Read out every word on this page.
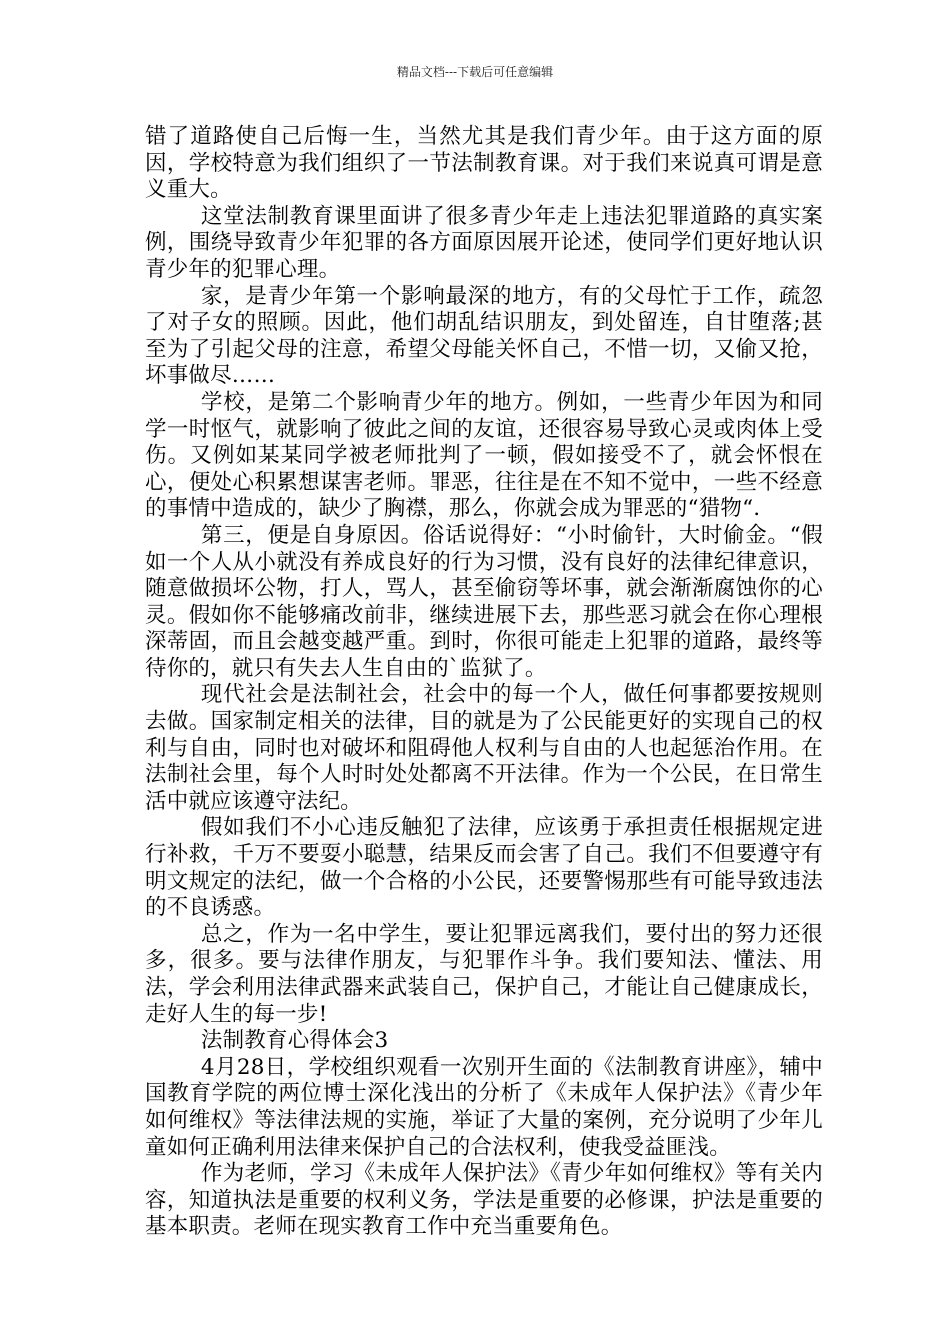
精品文档---下载后可任意编辑

错了道路使自己后悔一生，当然尤其是我们青少年。由于这方面的原因，学校特意为我们组织了一节法制教育课。对于我们来说真可谓是意义重大。

这堂法制教育课里面讲了很多青少年走上违法犯罪道路的真实案例，围绕导致青少年犯罪的各方面原因展开论述，使同学们更好地认识青少年的犯罪心理。

家，是青少年第一个影响最深的地方，有的父母忙于工作，疏忽了对子女的照顾。因此，他们胡乱结识朋友，到处留连，自甘堕落;甚至为了引起父母的注意，希望父母能关怀自己，不惜一切，又偷又抢，坏事做尽……

学校，是第二个影响青少年的地方。例如，一些青少年因为和同学一时怄气，就影响了彼此之间的友谊，还很容易导致心灵或肉体上受伤。又例如某某同学被老师批判了一顿，假如接受不了，就会怀恨在心，便处心积累想谋害老师。罪恶，往往是在不知不觉中，一些不经意的事情中造成的，缺少了胸襟，那么，你就会成为罪恶的“猎物“.

第三，便是自身原因。俗话说得好：“小时偷针，大时偷金。“假如一个人从小就没有养成良好的行为习惯，没有良好的法律纪律意识，随意做损坏公物，打人，骂人，甚至偷窃等坏事，就会渐渐腐蚀你的心灵。假如你不能够痛改前非，继续进展下去，那些恶习就会在你心理根深蒂固，而且会越变越严重。到时，你很可能走上犯罪的道路，最终等待你的，就只有失去人生自由的`监狱了。

现代社会是法制社会，社会中的每一个人，做任何事都要按规则去做。国家制定相关的法律，目的就是为了公民能更好的实现自己的权利与自由，同时也对破坏和阻碍他人权利与自由的人也起惩治作用。在法制社会里，每个人时时处处都离不开法律。作为一个公民，在日常生活中就应该遵守法纪。

假如我们不小心违反触犯了法律，应该勇于承担责任根据规定进行补救，千万不要耍小聪慧，结果反而会害了自己。我们不但要遵守有明文规定的法纪，做一个合格的小公民，还要警惕那些有可能导致违法的不良诱惑。

总之，作为一名中学生，要让犯罪远离我们，要付出的努力还很多，很多。要与法律作朋友，与犯罪作斗争。我们要知法、懂法、用法，学会利用法律武器来武装自己，保护自己，才能让自己健康成长，走好人生的每一步!

法制教育心得体会3

4月28日，学校组织观看一次别开生面的《法制教育讲座》，辅中国教育学院的两位博士深化浅出的分析了《未成年人保护法》《青少年如何维权》等法律法规的实施，举证了大量的案例，充分说明了少年儿童如何正确利用法律来保护自己的合法权利，使我受益匪浅。

作为老师，学习《未成年人保护法》《青少年如何维权》等有关内容，知道执法是重要的权利义务，学法是重要的必修课，护法是重要的基本职责。老师在现实教育工作中充当重要角色。
